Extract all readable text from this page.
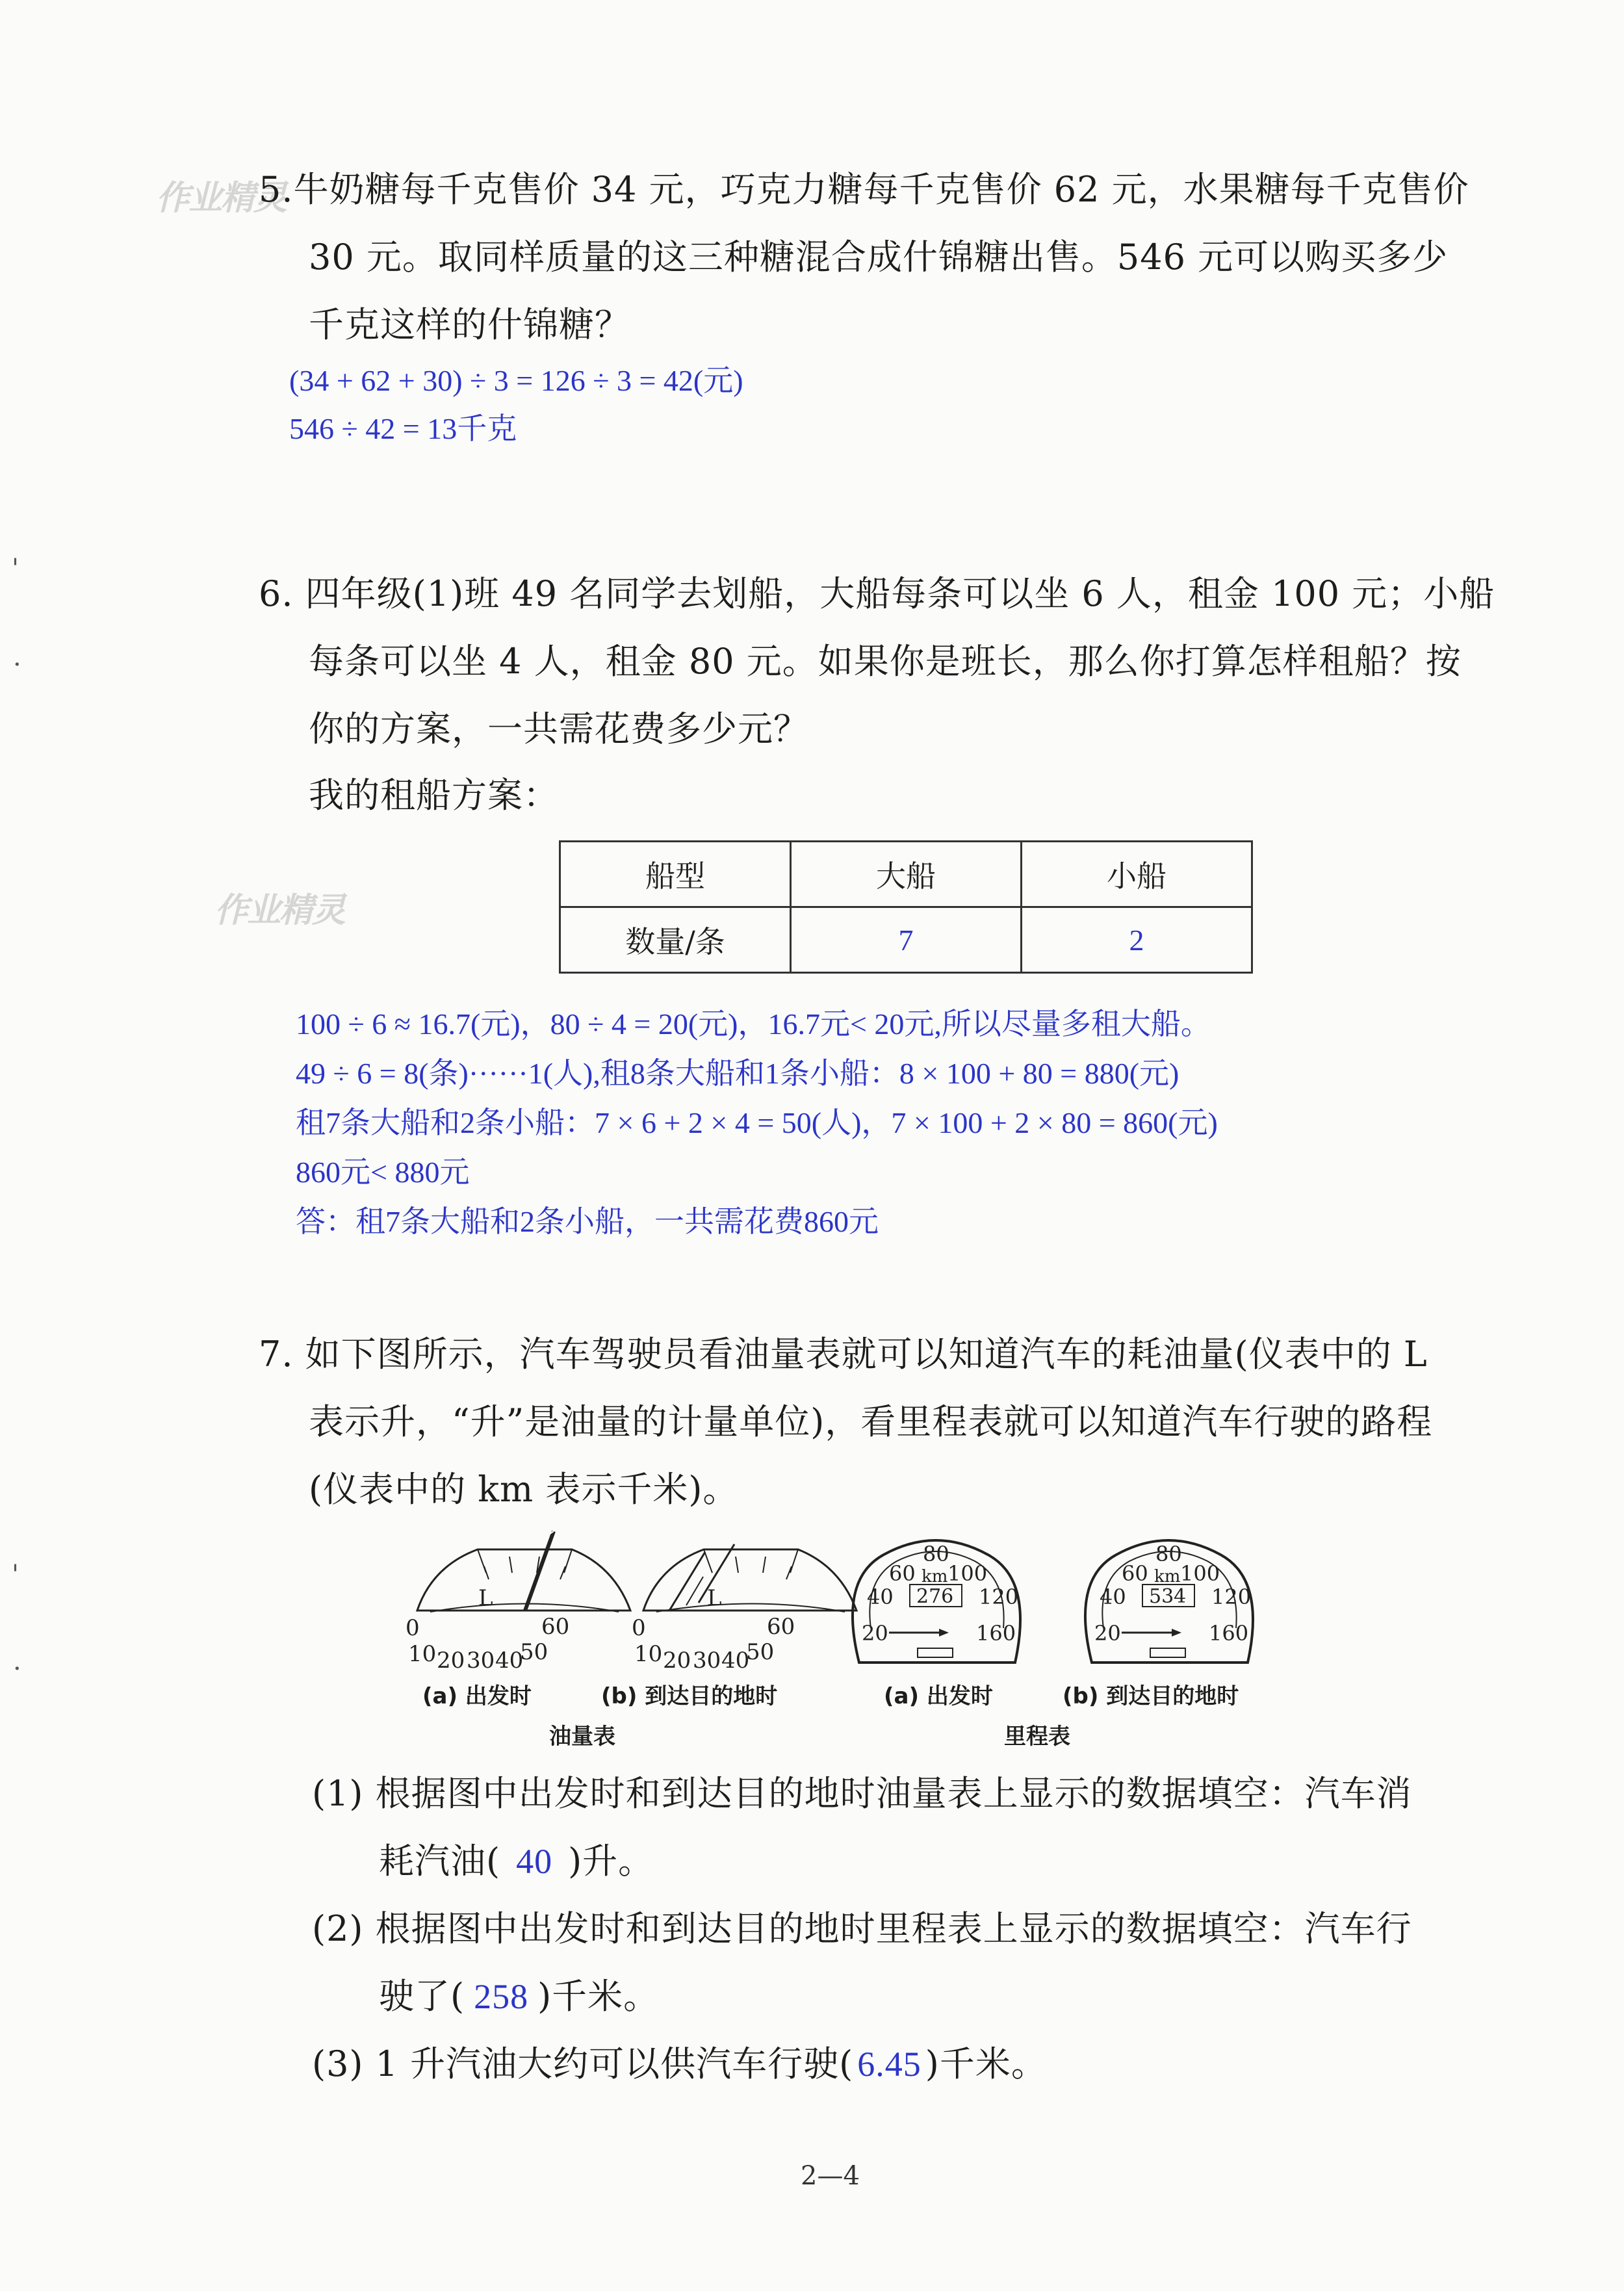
作业精灵
作业精灵
'
·
'
·
5.牛奶糖每千克售价 34 元，巧克力糖每千克售价 62 元，水果糖每千克售价
30 元。取同样质量的这三种糖混合成什锦糖出售。546 元可以购买多少
千克这样的什锦糖？
(34 + 62 + 30) ÷ 3 = 126 ÷ 3 = 42(元)
546 ÷ 42 = 13千克
6. 四年级(1)班 49 名同学去划船，大船每条可以坐 6 人，租金 100 元；小船
每条可以坐 4 人，租金 80 元。如果你是班长，那么你打算怎样租船？按
你的方案，一共需花费多少元？
我的租船方案：
船型	大船	小船
数量/条	7	2
100 ÷ 6 ≈ 16.7(元)，80 ÷ 4 = 20(元)，16.7元< 20元,所以尽量多租大船。
49 ÷ 6 = 8(条)······1(人),租8条大船和1条小船：8 × 100 + 80 = 880(元)
租7条大船和2条小船：7 × 6 + 2 × 4 = 50(人)，7 × 100 + 2 × 80 = 860(元)
860元< 880元
答：租7条大船和2条小船，一共需花费860元
7. 如下图所示，汽车驾驶员看油量表就可以知道汽车的耗油量(仪表中的 L
表示升，“升”是油量的计量单位)，看里程表就可以知道汽车行驶的路程
(仪表中的 km 表示千米)。
L
0
10 20 30 40
50
60
L
0
10 20 30 40
50
60
60
80
100
km
40	120
276
20	160
60
80
100
km
40	120
534
20	160
(a) 出发时	(b) 到达目的地时	(a) 出发时	(b) 到达目的地时
油量表	里程表
(1) 根据图中出发时和到达目的地时油量表上显示的数据填空：汽车消
耗汽油( 40 )升。
(2) 根据图中出发时和到达目的地时里程表上显示的数据填空：汽车行
驶了( 258 )千米。
(3) 1 升汽油大约可以供汽车行驶( 6.45 )千米。
2—4
